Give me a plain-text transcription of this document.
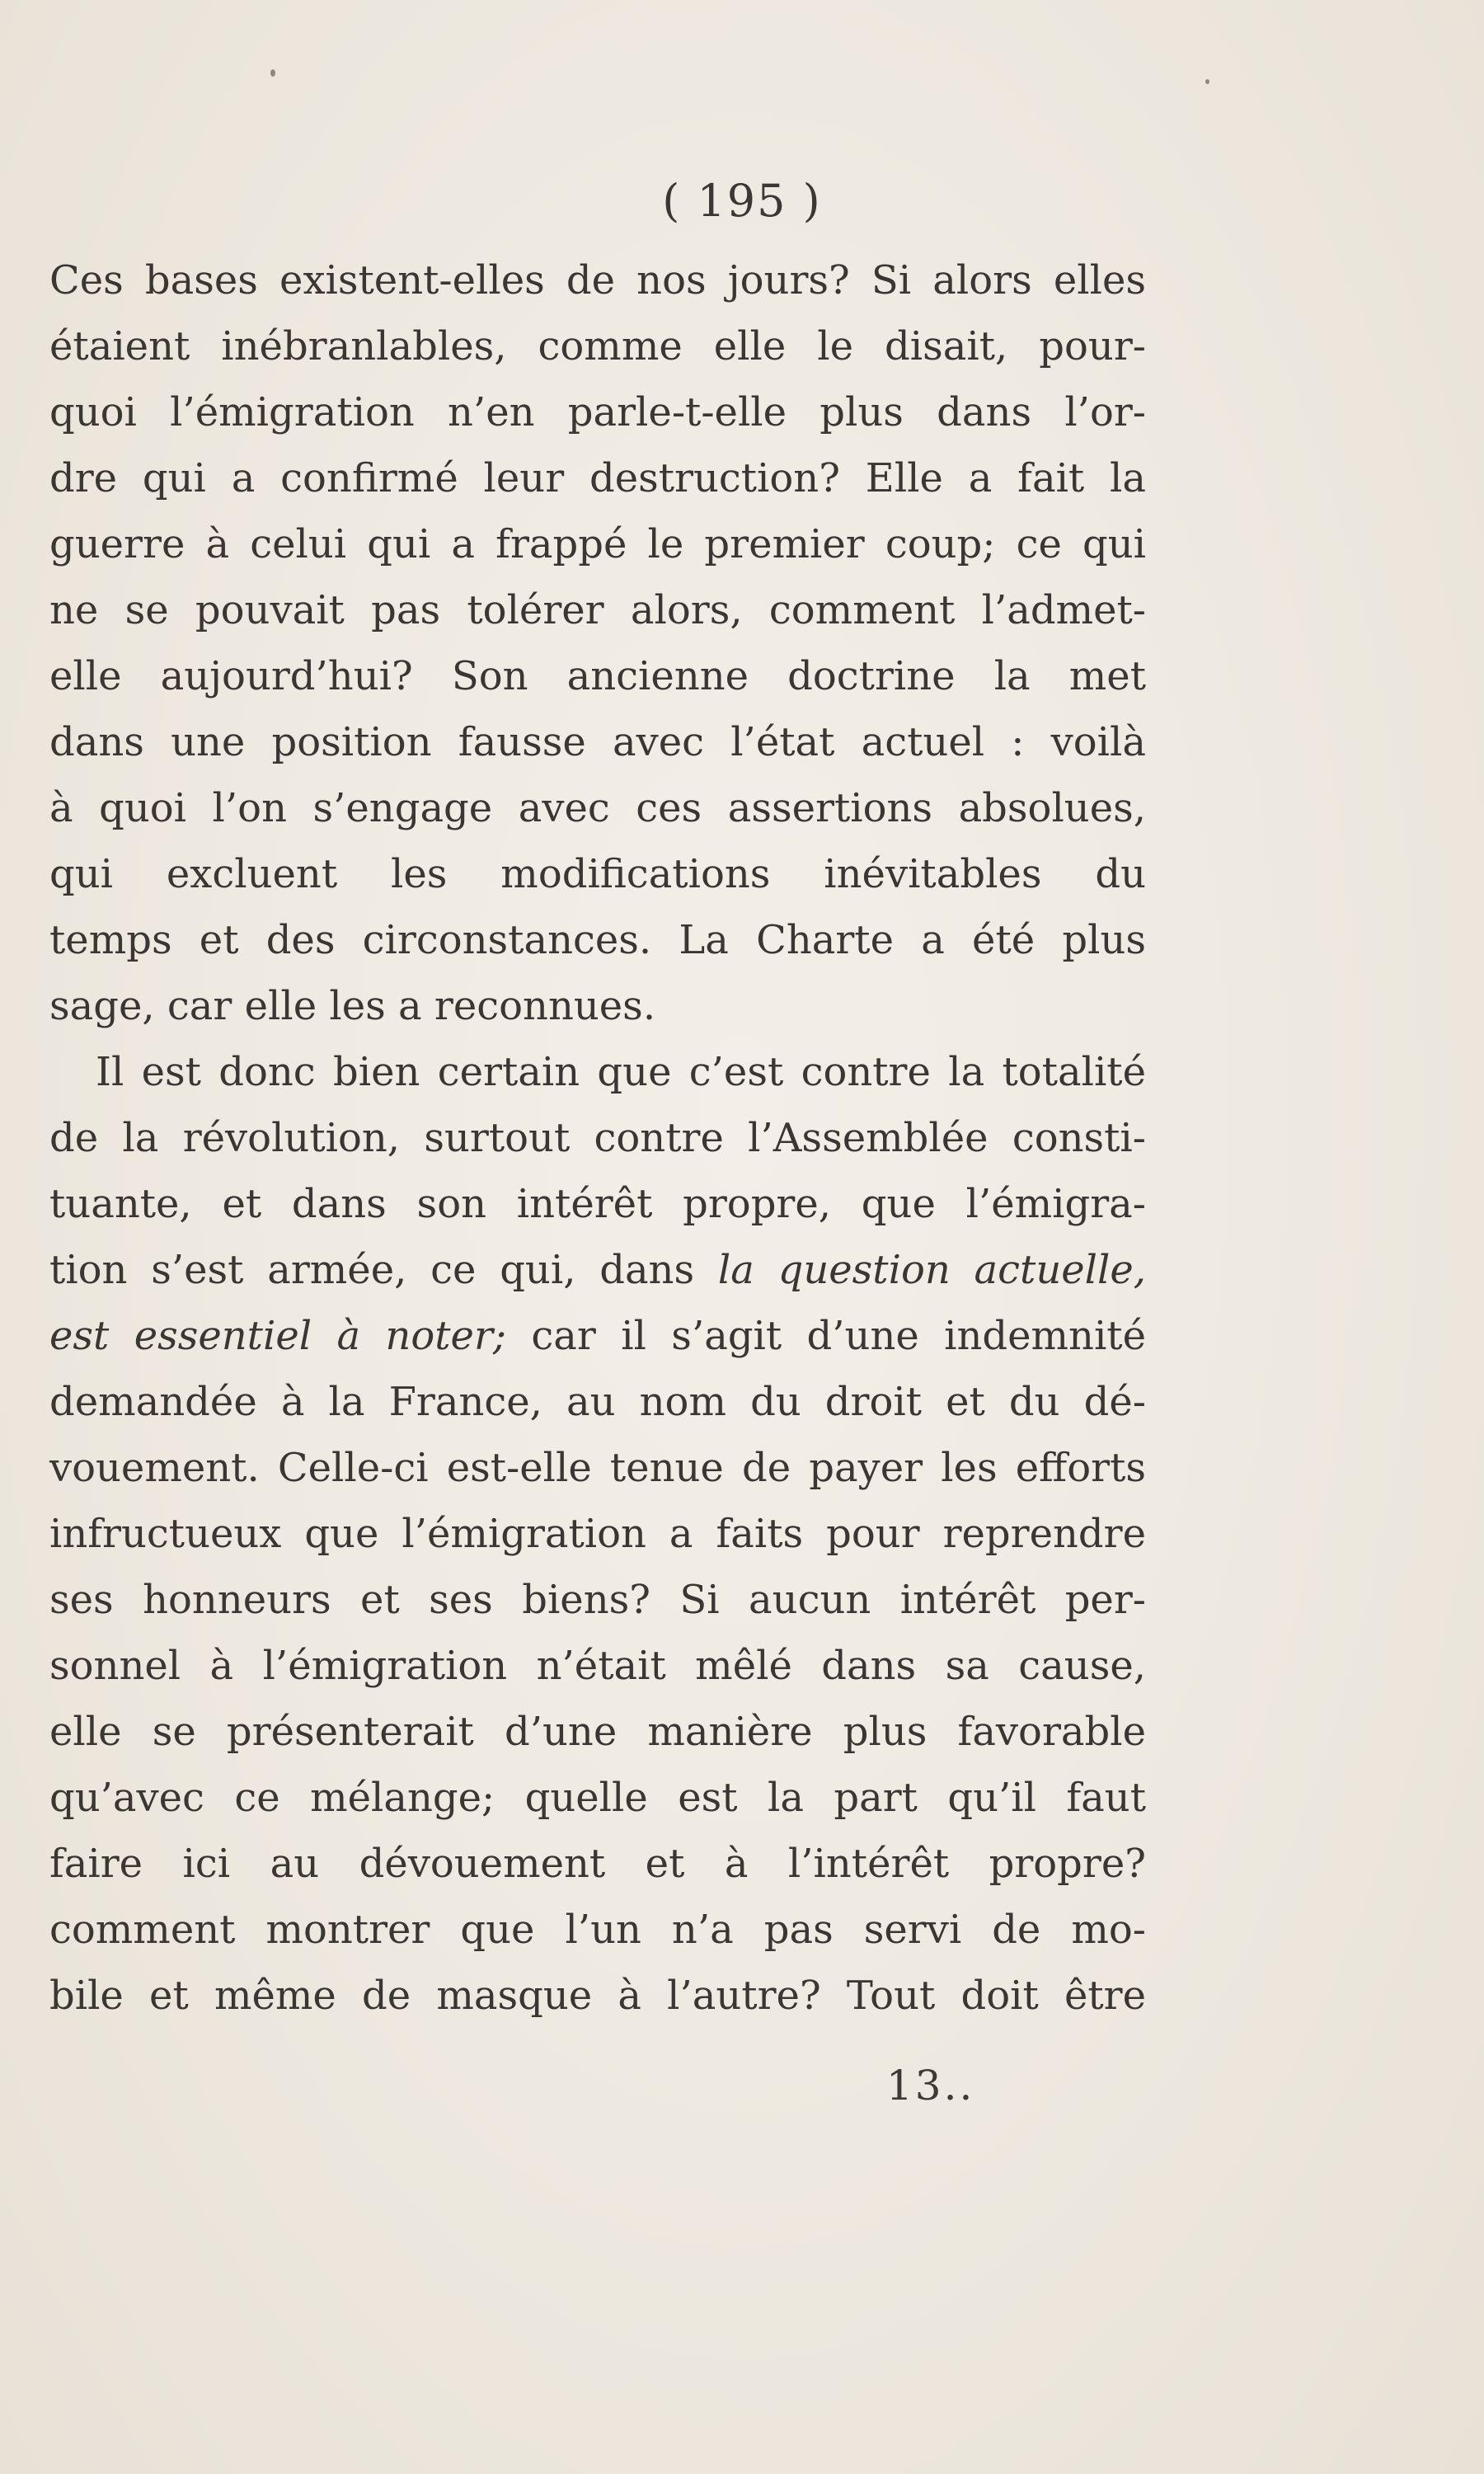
( 195 )
Ces bases existent-elles de nos jours? Si alors elles
étaient inébranlables, comme elle le disait, pour-
quoi l’émigration n’en parle-t-elle plus dans l’or-
dre qui a confirmé leur destruction? Elle a fait la
guerre à celui qui a frappé le premier coup; ce qui
ne se pouvait pas tolérer alors, comment l’admet-
elle aujourd’hui? Son ancienne doctrine la met
dans une position fausse avec l’état actuel : voilà
à quoi l’on s’engage avec ces assertions absolues,
qui excluent les modifications inévitables du
temps et des circonstances. La Charte a été plus
sage, car elle les a reconnues.
Il est donc bien certain que c’est contre la totalité
de la révolution, surtout contre l’Assemblée consti-
tuante, et dans son intérêt propre, que l’émigra-
tion s’est armée, ce qui, dans la question actuelle,
est essentiel à noter; car il s’agit d’une indemnité
demandée à la France, au nom du droit et du dé-
vouement. Celle-ci est-elle tenue de payer les efforts
infructueux que l’émigration a faits pour reprendre
ses honneurs et ses biens? Si aucun intérêt per-
sonnel à l’émigration n’était mêlé dans sa cause,
elle se présenterait d’une manière plus favorable
qu’avec ce mélange; quelle est la part qu’il faut
faire ici au dévouement et à l’intérêt propre?
comment montrer que l’un n’a pas servi de mo-
bile et même de masque à l’autre? Tout doit être
13..
